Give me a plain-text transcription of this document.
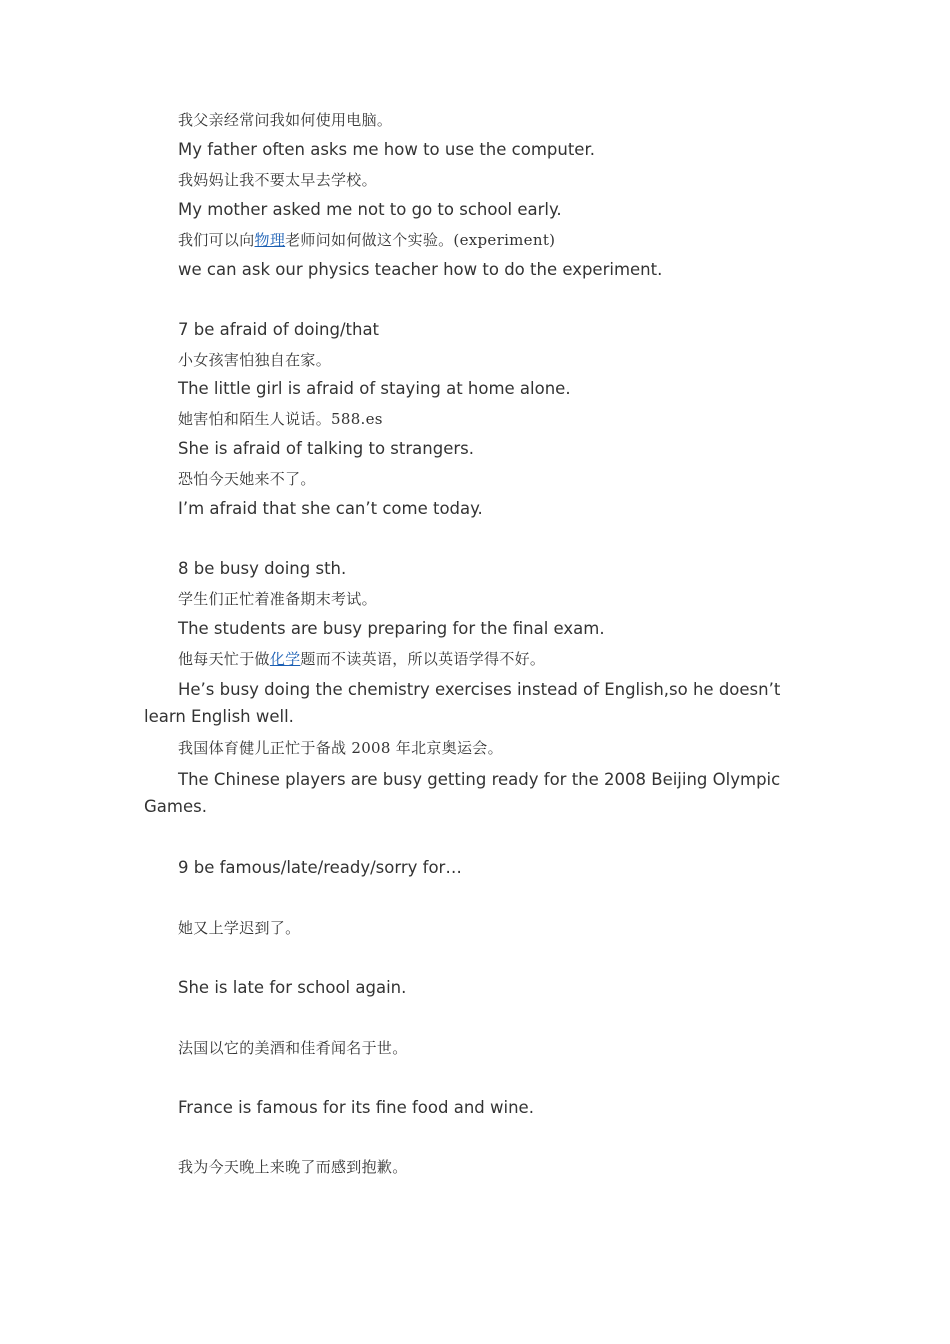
我父亲经常问我如何使用电脑。
My father often asks me how to use the computer.
我妈妈让我不要太早去学校。
My mother asked me not to go to school early.
我们可以向物理老师问如何做这个实验。(experiment)
we can ask our physics teacher how to do the experiment.
7 be afraid of doing/that
小女孩害怕独自在家。
The little girl is afraid of staying at home alone.
她害怕和陌生人说话。588.es
She is afraid of talking to strangers.
恐怕今天她来不了。
I’m afraid that she can’t come today.
8 be busy doing sth.
学生们正忙着准备期末考试。
The students are busy preparing for the final exam.
他每天忙于做化学题而不读英语，所以英语学得不好。
He’s busy doing the chemistry exercises instead of English,so he doesn’t learn English well.
我国体育健儿正忙于备战 2008 年北京奥运会。
The Chinese players are busy getting ready for the 2008 Beijing Olympic Games.
9 be famous/late/ready/sorry for…
她又上学迟到了。
She is late for school again.
法国以它的美酒和佳肴闻名于世。
France is famous for its fine food and wine.
我为今天晚上来晚了而感到抱歉。
